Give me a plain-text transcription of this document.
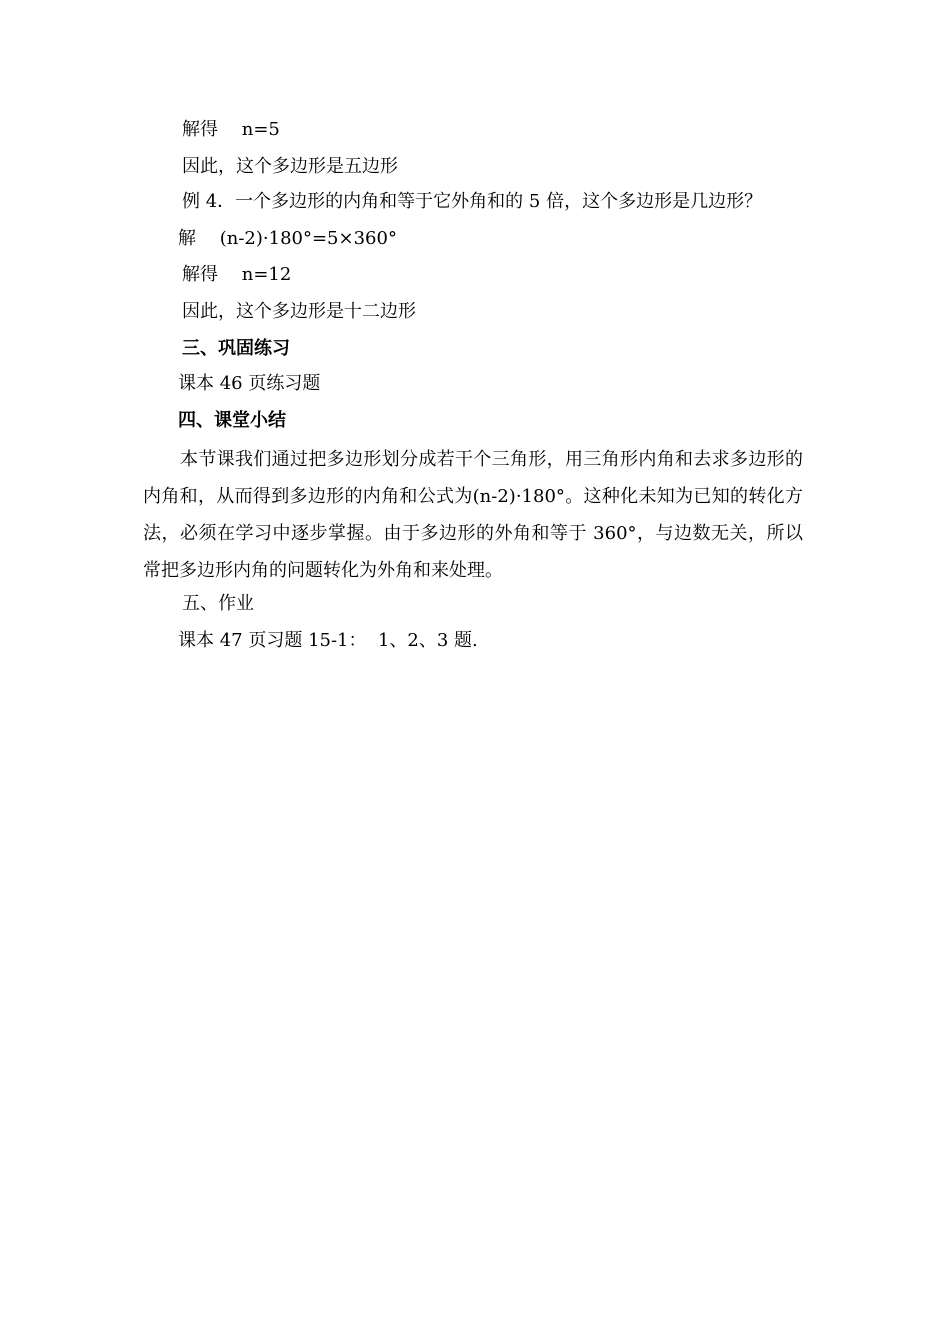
解得　 n=5
因此，这个多边形是五边形
例 4．一个多边形的内角和等于它外角和的 5 倍，这个多边形是几边形？
解　 (n-2)·180°=5×360°
解得　 n=12
因此，这个多边形是十二边形
三、巩固练习
课本 46 页练习题
四、课堂小结
本节课我们通过把多边形划分成若干个三角形，用三角形内角和去求多边形的内角和，从而得到多边形的内角和公式为(n-2)·180°。这种化未知为已知的转化方法，必须在学习中逐步掌握。由于多边形的外角和等于 360°，与边数无关，所以常把多边形内角的问题转化为外角和来处理。
五、作业
课本 47 页习题 15-1：  1、2、3 题.
